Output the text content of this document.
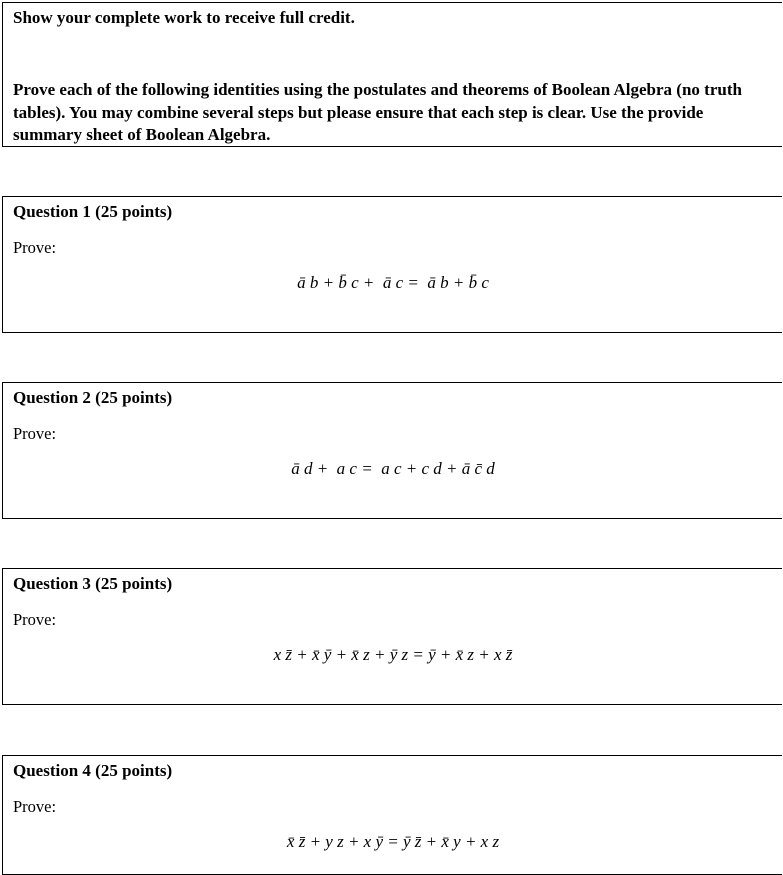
Show your complete work to receive full credit.
Prove each of the following identities using the postulates and theorems of Boolean Algebra (no truth tables). You may combine several steps but please ensure that each step is clear. Use the provide summary sheet of Boolean Algebra.
Question 1 (25 points)
Prove:
ā b + b̄ c +  ā c =  ā b + b̄ c
Question 2 (25 points)
Prove:
ā d +  a c =  a c + c d + ā c̄ d
Question 3 (25 points)
Prove:
x z̄ + x̄ ȳ + x̄ z + ȳ z = ȳ + x̄ z + x z̄
Question 4 (25 points)
Prove:
x̄ z̄ + y z + x ȳ = ȳ z̄ + x̄ y + x z
